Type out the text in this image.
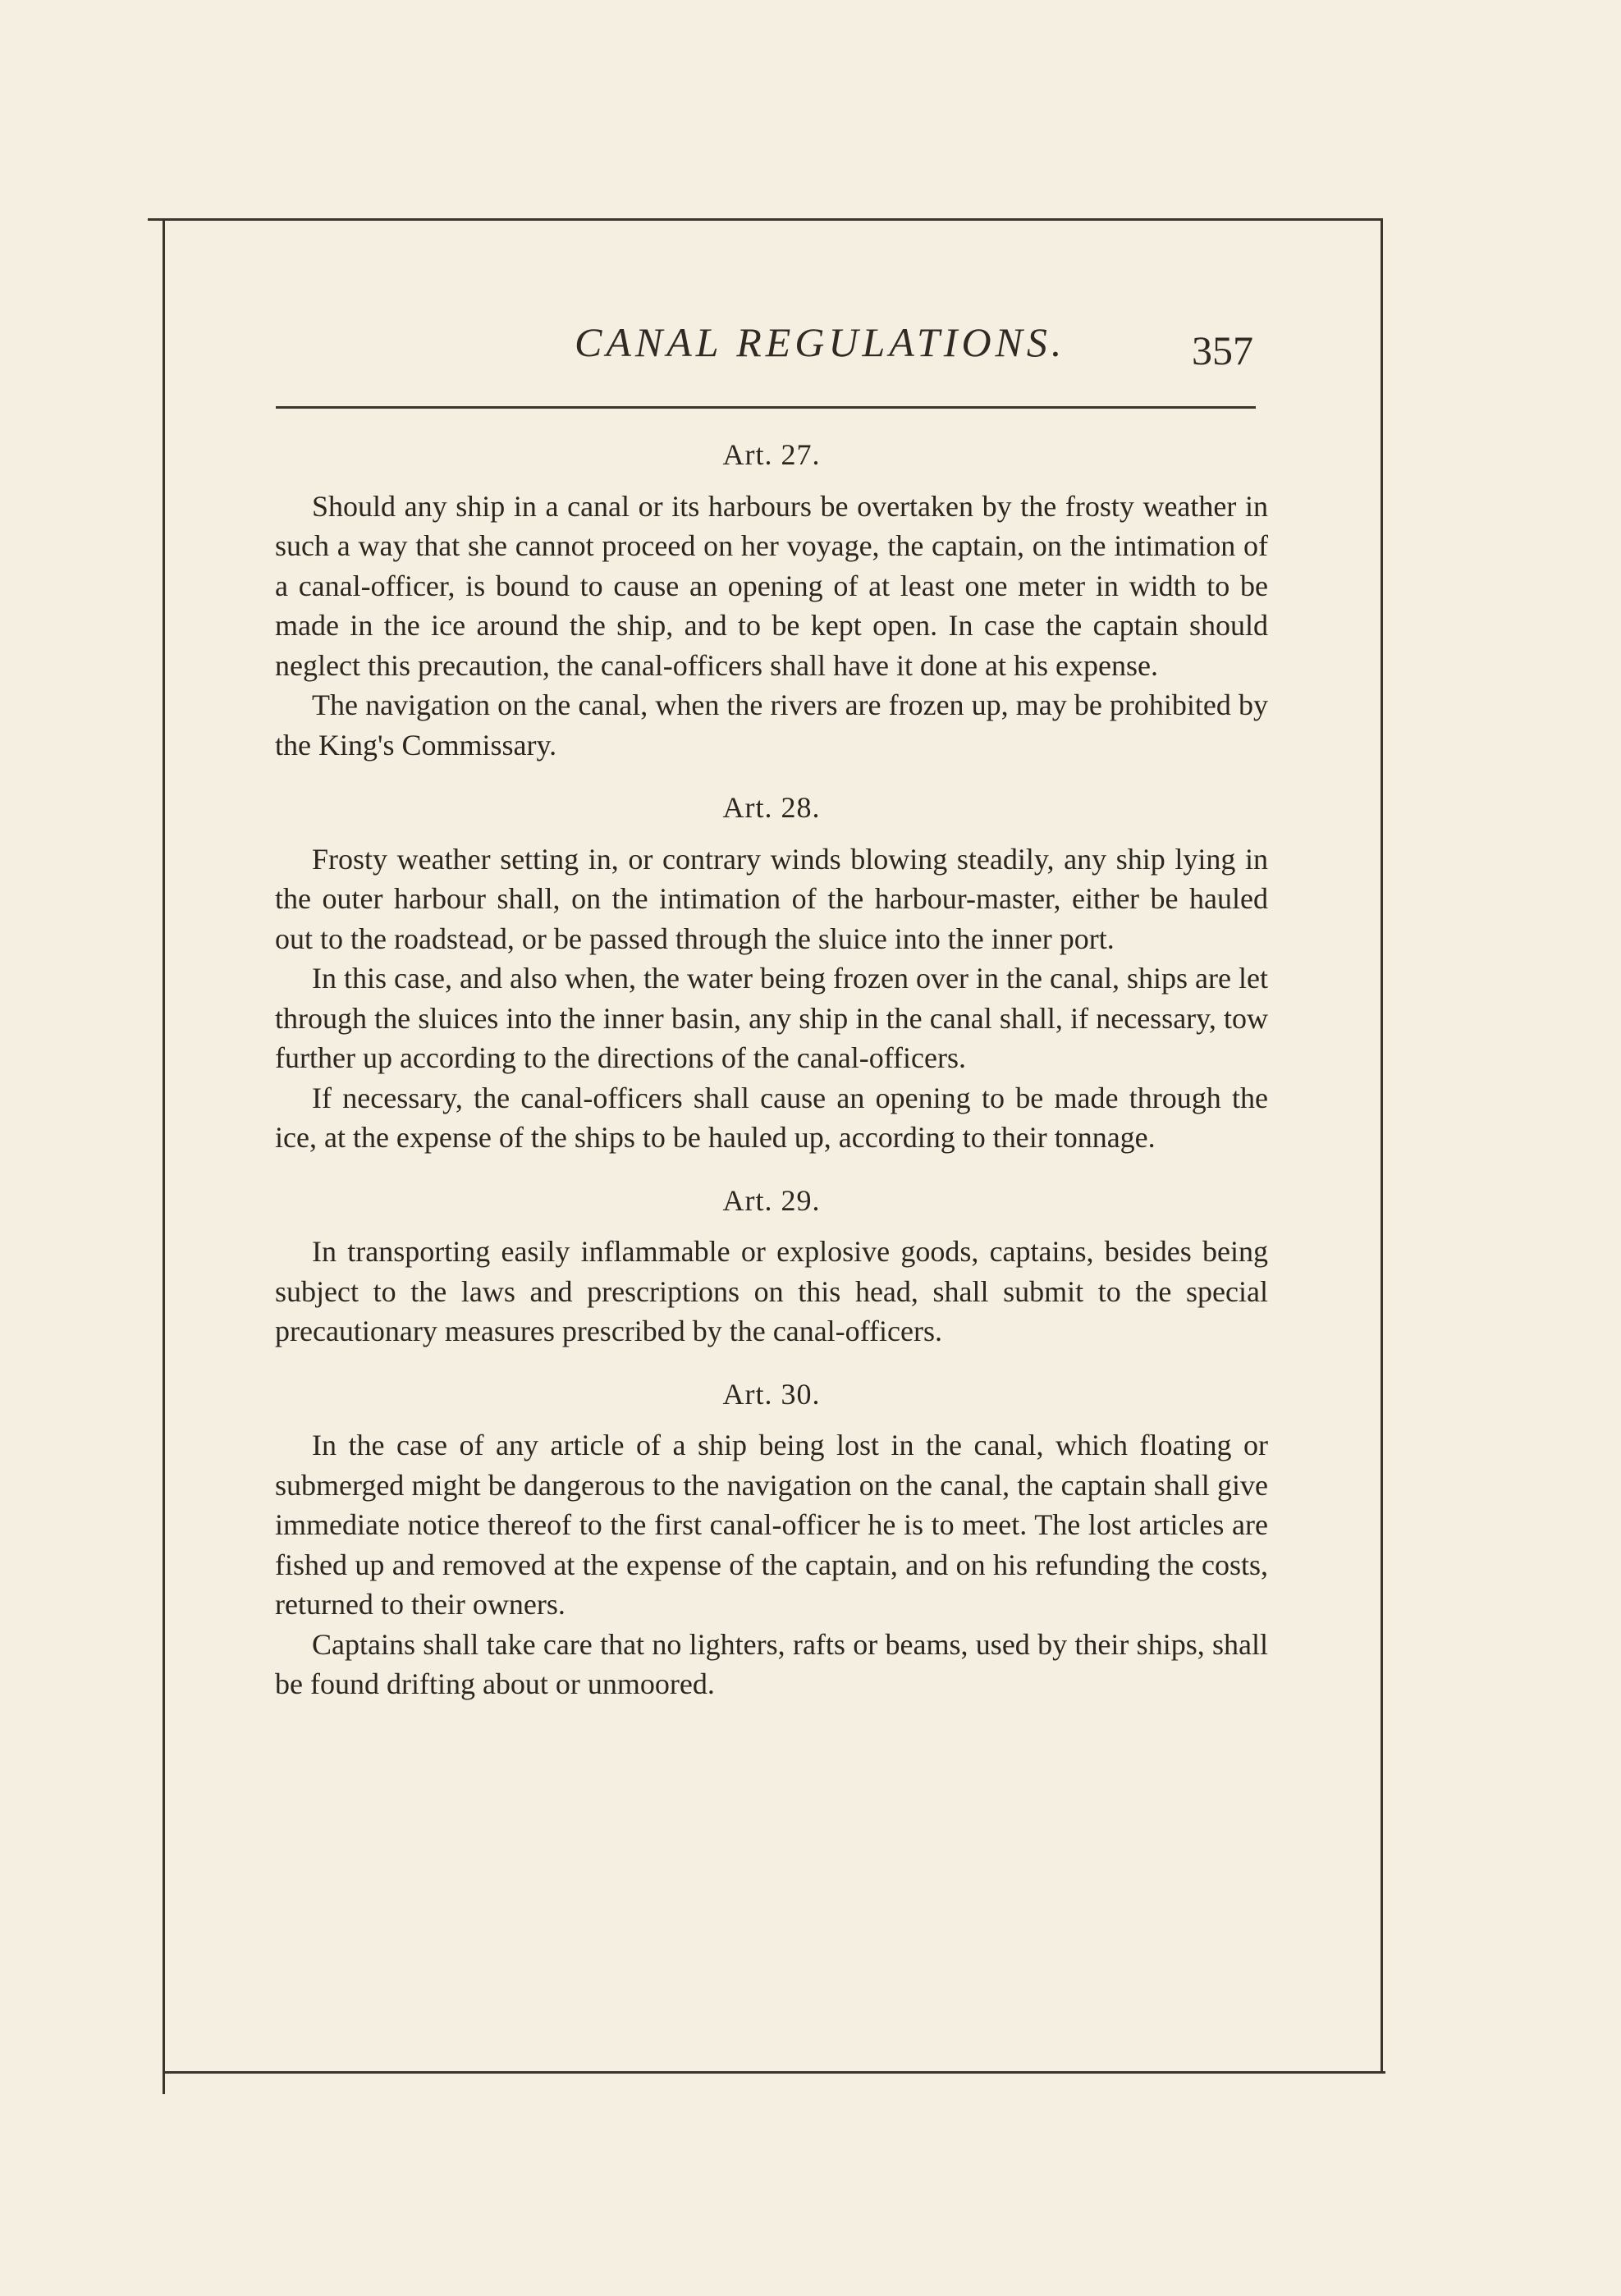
CANAL REGULATIONS.	357

Art. 27.

Should any ship in a canal or its harbours be overtaken by the frosty weather in such a way that she cannot proceed on her voyage, the captain, on the intimation of a canal-officer, is bound to cause an opening of at least one meter in width to be made in the ice around the ship, and to be kept open. In case the captain should neglect this precaution, the canal-officers shall have it done at his expense.

The navigation on the canal, when the rivers are frozen up, may be prohibited by the King's Commissary.

Art. 28.

Frosty weather setting in, or contrary winds blowing steadily, any ship lying in the outer harbour shall, on the intimation of the harbour-master, either be hauled out to the roadstead, or be passed through the sluice into the inner port.

In this case, and also when, the water being frozen over in the canal, ships are let through the sluices into the inner basin, any ship in the canal shall, if necessary, tow further up according to the directions of the canal-officers.

If necessary, the canal-officers shall cause an opening to be made through the ice, at the expense of the ships to be hauled up, according to their tonnage.

Art. 29.

In transporting easily inflammable or explosive goods, captains, besides being subject to the laws and prescriptions on this head, shall submit to the special precautionary measures prescribed by the canal-officers.

Art. 30.

In the case of any article of a ship being lost in the canal, which floating or submerged might be dangerous to the navigation on the canal, the captain shall give immediate notice thereof to the first canal-officer he is to meet. The lost articles are fished up and removed at the expense of the captain, and on his refunding the costs, returned to their owners.

Captains shall take care that no lighters, rafts or beams, used by their ships, shall be found drifting about or unmoored.
